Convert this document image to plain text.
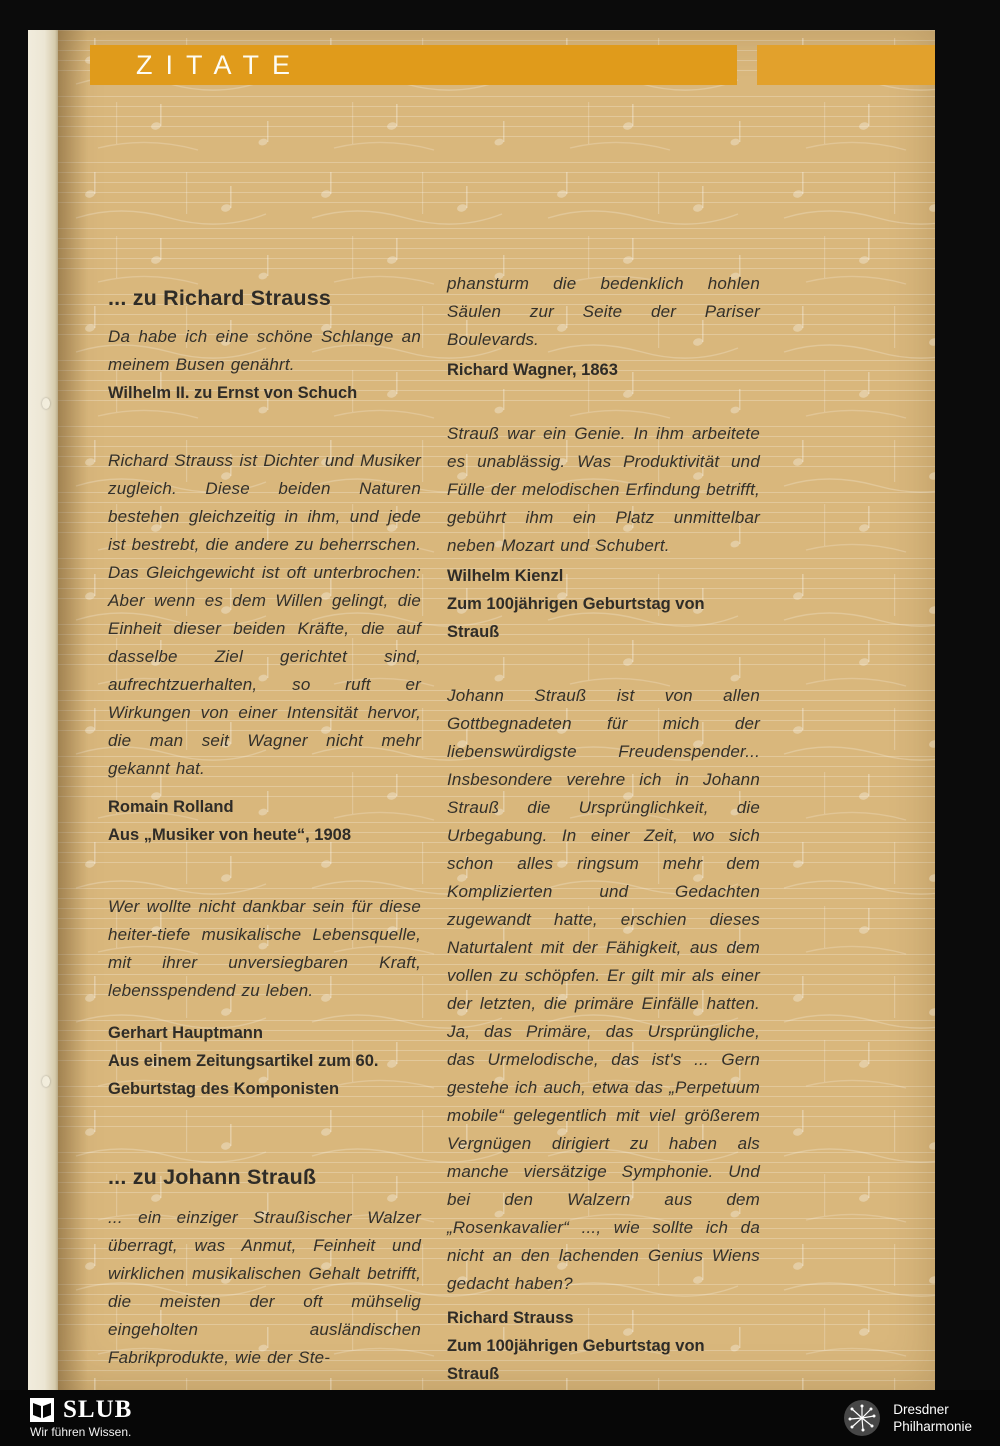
ZITATE
... zu Richard Strauss

Da habe ich eine schöne Schlange an meinem Busen genährt.

Wilhelm II. zu Ernst von Schuch

Richard Strauss ist Dichter und Musiker zugleich. Diese beiden Naturen bestehen gleichzeitig in ihm, und jede ist bestrebt, die andere zu beherrschen. Das Gleichgewicht ist oft unterbrochen: Aber wenn es dem Willen gelingt, die Einheit dieser beiden Kräfte, die auf dasselbe Ziel gerichtet sind, aufrechtzuerhalten, so ruft er Wirkungen von einer Intensität hervor, die man seit Wagner nicht mehr gekannt hat.

Romain Rolland

Aus „Musiker von heute“, 1908

Wer wollte nicht dankbar sein für diese heiter-tiefe musikalische Lebensquelle, mit ihrer unversiegbaren Kraft, lebensspendend zu leben.

Gerhart Hauptmann

Aus einem Zeitungsartikel zum 60. Geburtstag des Komponisten

... zu Johann Strauß

... ein einziger Straußischer Walzer überragt, was Anmut, Feinheit und wirklichen musikalischen Gehalt betrifft, die meisten der oft mühselig eingeholten ausländischen Fabrikprodukte, wie der Ste-

phansturm die bedenklich hohlen Säulen zur Seite der Pariser Boulevards.

Richard Wagner, 1863

Strauß war ein Genie. In ihm arbeitete es unablässig. Was Produktivität und Fülle der melodischen Erfindung betrifft, gebührt ihm ein Platz unmittelbar neben Mozart und Schubert.

Wilhelm Kienzl

Zum 100jährigen Geburtstag von Strauß

Johann Strauß ist von allen Gottbegnadeten für mich der liebenswürdigste Freudenspender... Insbesondere verehre ich in Johann Strauß die Ursprünglichkeit, die Urbegabung. In einer Zeit, wo sich schon alles ringsum mehr dem Komplizierten und Gedachten zugewandt hatte, erschien dieses Naturtalent mit der Fähigkeit, aus dem vollen zu schöpfen. Er gilt mir als einer der letzten, die primäre Einfälle hatten. Ja, das Primäre, das Ursprüngliche, das Urmelodische, das ist's ... Gern gestehe ich auch, etwa das „Perpetuum mobile“ gelegentlich mit viel größerem Vergnügen dirigiert zu haben als manche viersätzige Symphonie. Und bei den Walzern aus dem „Rosenkavalier“ ..., wie sollte ich da nicht an den lachenden Genius Wiens gedacht haben?

Richard Strauss

Zum 100jährigen Geburtstag von Strauß

SLUB
Wir führen Wissen.
Dresdner
Philharmonie
